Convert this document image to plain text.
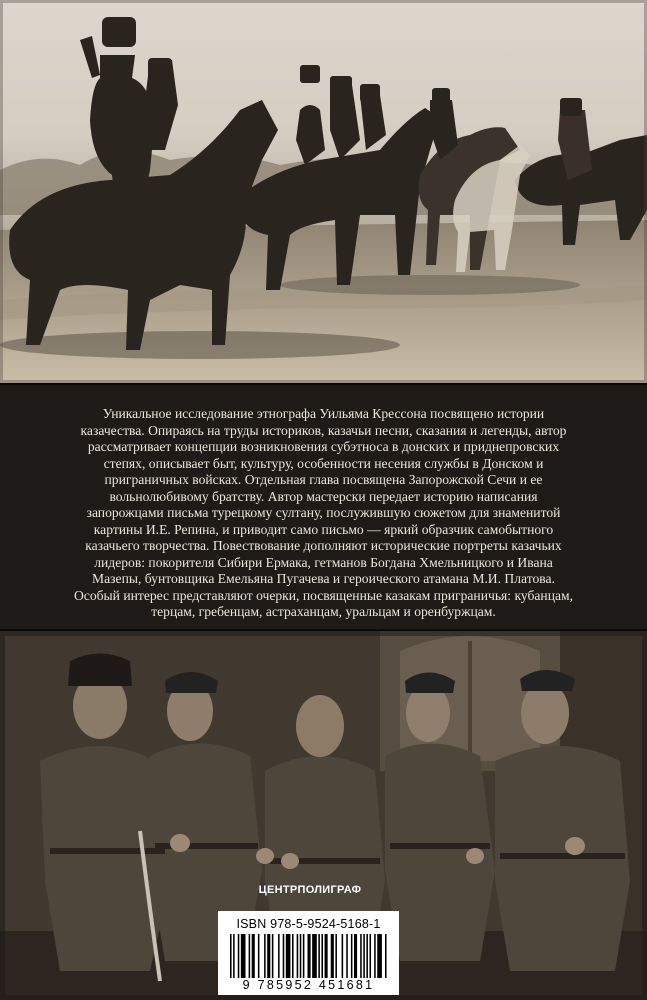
Уникальное исследование этнографа Уильяма Крессона посвящено истории
казачества. Опираясь на труды историков, казачьи песни, сказания и легенды, автор
рассматривает концепции возникновения субэтноса в донских и приднепровских
степях, описывает быт, культуру, особенности несения службы в Донском и
приграничных войсках. Отдельная глава посвящена Запорожской Сечи и ее
вольнолюбивому братству. Автор мастерски передает историю написания
запорожцами письма турецкому султану, послужившую сюжетом для знаменитой
картины И.Е. Репина, и приводит само письмо — яркий образчик самобытного
казачьего творчества. Повествование дополняют исторические портреты казачьих
лидеров: покорителя Сибири Ермака, гетманов Богдана Хмельницкого и Ивана
Мазепы, бунтовщика Емельяна Пугачева и героического атамана М.И. Платова.
Особый интерес представляют очерки, посвященные казакам приграничья: кубанцам,
терцам, гребенцам, астраханцам, уральцам и оренбуржцам.

ЦЕНТРПОЛИГРАФ
ISBN 978-5-9524-5168-1
9 785952 451681
